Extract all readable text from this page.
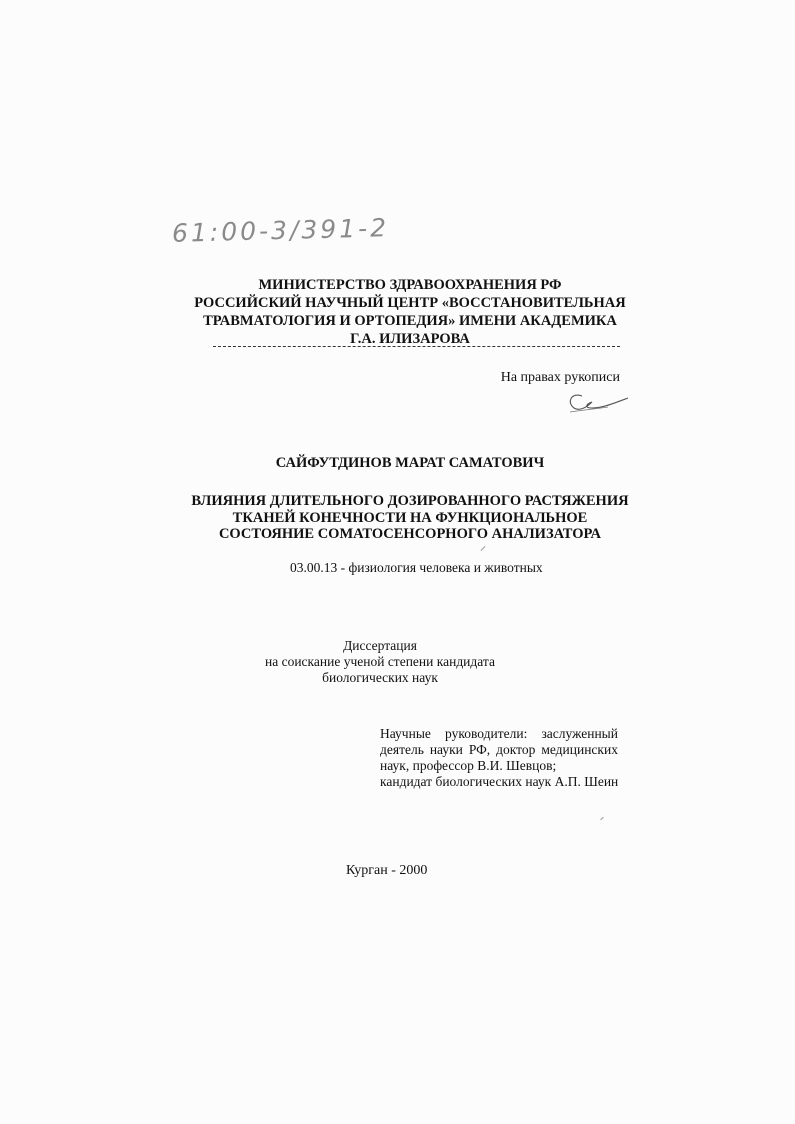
61:00-3/391-2
МИНИСТЕРСТВО ЗДРАВООХРАНЕНИЯ РФ
РОССИЙСКИЙ НАУЧНЫЙ ЦЕНТР «ВОССТАНОВИТЕЛЬНАЯ
ТРАВМАТОЛОГИЯ И ОРТОПЕДИЯ» ИМЕНИ АКАДЕМИКА
Г.А. ИЛИЗАРОВА
На правах рукописи
САЙФУТДИНОВ МАРАТ САМАТОВИЧ
ВЛИЯНИЯ ДЛИТЕЛЬНОГО ДОЗИРОВАННОГО РАСТЯЖЕНИЯ
ТКАНЕЙ КОНЕЧНОСТИ НА ФУНКЦИОНАЛЬНОЕ
СОСТОЯНИЕ СОМАТОСЕНСОРНОГО АНАЛИЗАТОРА
03.00.13 - физиология человека и животных
Диссертация
на соискание ученой степени кандидата
биологических наук
Научные руководители: заслуженный
деятель науки РФ, доктор медицинских
наук, профессор В.И. Шевцов;
кандидат биологических наук А.П. Шеин
Курган - 2000
